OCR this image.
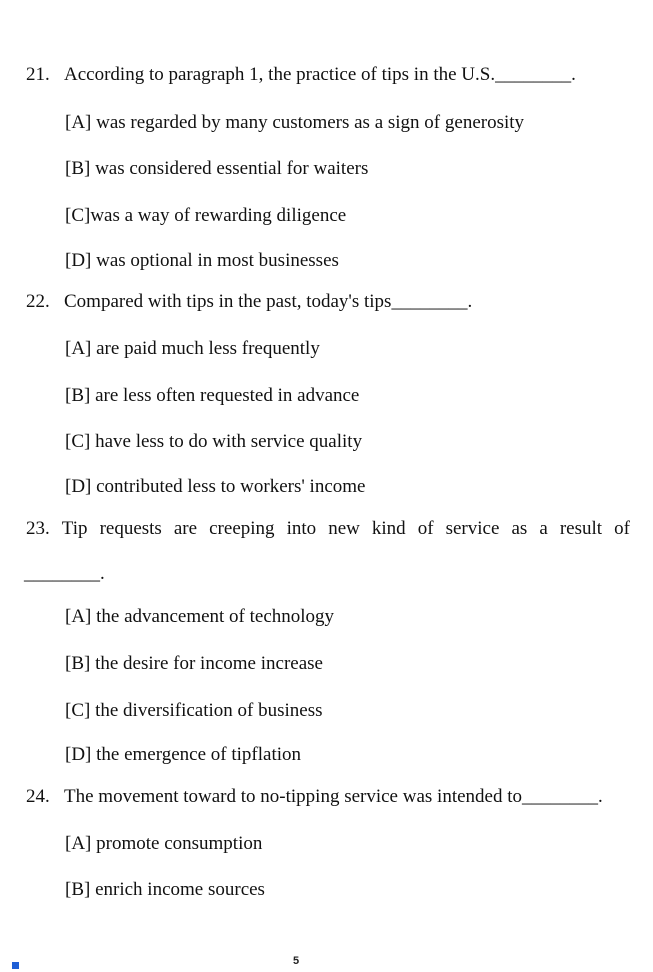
21. According to paragraph 1, the practice of tips in the U.S.________.
[A] was regarded by many customers as a sign of generosity
[B] was considered essential for waiters
[C]was a way of rewarding diligence
[D] was optional in most businesses
22. Compared with tips in the past, today's tips________.
[A] are paid much less frequently
[B] are less often requested in advance
[C] have less to do with service quality
[D] contributed less to workers' income
23. Tip requests are creeping into new kind of service as a result of
________.
[A] the advancement of technology
[B] the desire for income increase
[C] the diversification of business
[D] the emergence of tipflation
24. The movement toward to no-tipping service was intended to________.
[A] promote consumption
[B] enrich income sources
5
